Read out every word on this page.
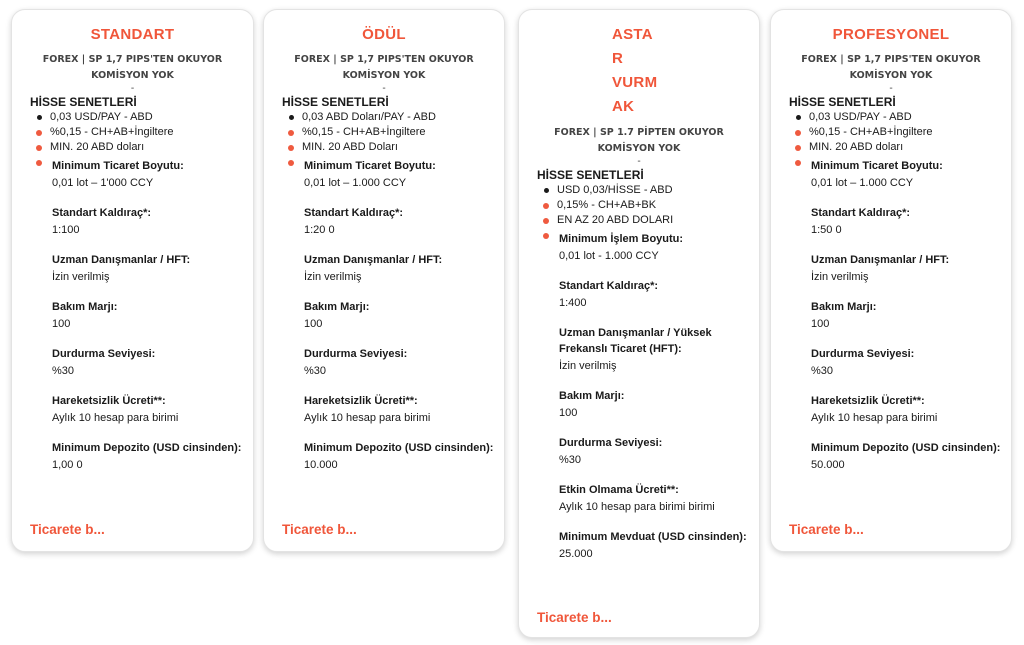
STANDART
FOREX | SP 1,7 PIPS'TEN OKUYOR
KOMİSYON YOK
-
HİSSE SENETLERİ
0,03 USD/PAY - ABD
%0,15 - CH+AB+İngiltere
MIN. 20 ABD doları
Minimum Ticaret Boyutu:
0,01 lot – 1'000 CCY
Standart Kaldıraç*:
1:100
Uzman Danışmanlar / HFT:
İzin verilmiş
Bakım Marjı:
100
Durdurma Seviyesi:
%30
Hareketsizlik Ücreti**:
Aylık 10 hesap para birimi
Minimum Depozito (USD cinsinden):
1,00 0
Ticarete b...
ÖDÜL
FOREX | SP 1,7 PIPS'TEN OKUYOR
KOMİSYON YOK
-
HİSSE SENETLERİ
0,03 ABD Doları/PAY - ABD
%0,15 - CH+AB+İngiltere
MIN. 20 ABD Doları
Minimum Ticaret Boyutu:
0,01 lot – 1.000 CCY
Standart Kaldıraç*:
1:20 0
Uzman Danışmanlar / HFT:
İzin verilmiş
Bakım Marjı:
100
Durdurma Seviyesi:
%30
Hareketsizlik Ücreti**:
Aylık 10 hesap para birimi
Minimum Depozito (USD cinsinden):
10.000
Ticarete b...
ASTA
R
VURM
AK
FOREX | SP 1.7 PİPTEN OKUYOR
KOMİSYON YOK
-
HİSSE SENETLERİ
USD 0,03/HİSSE - ABD
0,15% - CH+AB+BK
EN AZ 20 ABD DOLARI
Minimum İşlem Boyutu:
0,01 lot - 1.000 CCY
Standart Kaldıraç*:
1:400
Uzman Danışmanlar / Yüksek Frekanslı Ticaret (HFT):
İzin verilmiş
Bakım Marjı:
100
Durdurma Seviyesi:
%30
Etkin Olmama Ücreti**:
Aylık 10 hesap para birimi birimi
Minimum Mevduat (USD cinsinden):
25.000
Ticarete b...
PROFESYONEL
FOREX | SP 1,7 PIPS'TEN OKUYOR
KOMİSYON YOK
-
HİSSE SENETLERİ
0,03 USD/PAY - ABD
%0,15 - CH+AB+İngiltere
MIN. 20 ABD doları
Minimum Ticaret Boyutu:
0,01 lot – 1.000 CCY
Standart Kaldıraç*:
1:50 0
Uzman Danışmanlar / HFT:
İzin verilmiş
Bakım Marjı:
100
Durdurma Seviyesi:
%30
Hareketsizlik Ücreti**:
Aylık 10 hesap para birimi
Minimum Depozito (USD cinsinden):
50.000
Ticarete b...
